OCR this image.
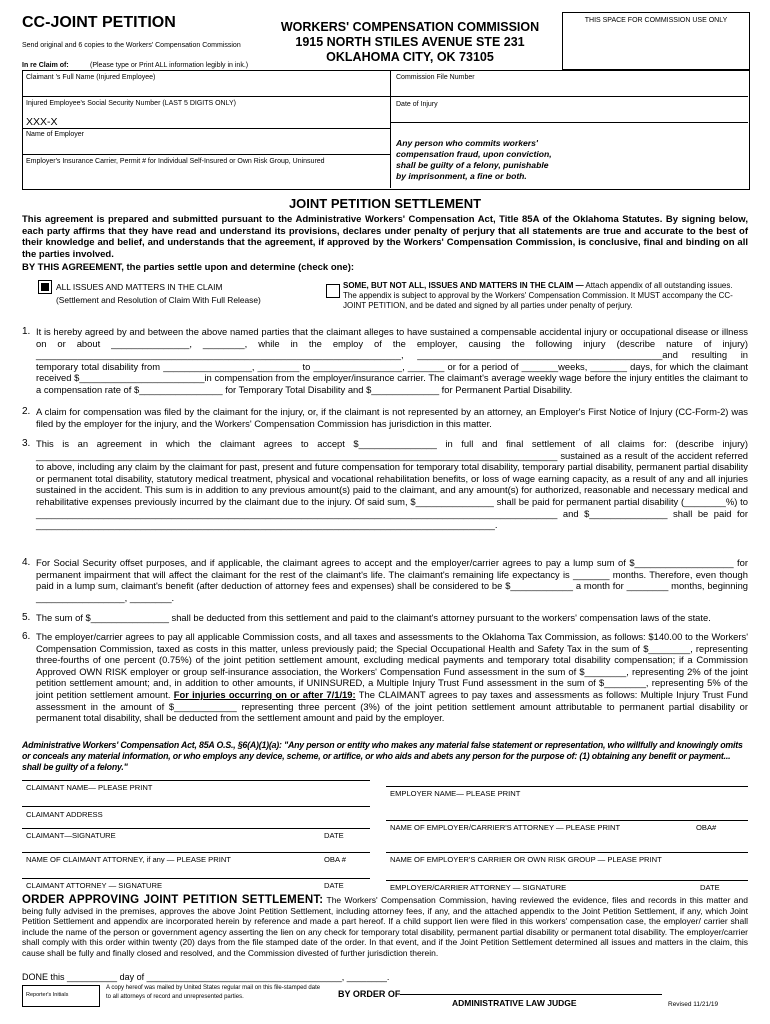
CC-JOINT PETITION
Send original and 6 copies to the Workers' Compensation Commission
In re Claim of:	(Please type or Print ALL information legibly in ink.)
WORKERS' COMPENSATION COMMISSION
1915 NORTH STILES AVENUE STE 231
OKLAHOMA CITY, OK 73105
THIS SPACE FOR COMMISSION USE ONLY
Claimant 's Full Name (Injured Employee)
Injured Employee's Social Security Number (LAST 5 DIGITS ONLY)
XXX-X
Name of Employer
Employer's Insurance Carrier, Permit # for Individual Self-Insured or Own Risk Group, Uninsured
Commission File Number
Date of Injury
Any person who commits workers' compensation fraud, upon conviction, shall be guilty of a felony, punishable by imprisonment, a fine or both.
JOINT PETITION SETTLEMENT
This agreement is prepared and submitted pursuant to the Administrative Workers' Compensation Act, Title 85A of the Oklahoma Statutes. By signing below, each party affirms that they have read and understand its provisions, declares under penalty of perjury that all statements are true and accurate to the best of their knowledge and belief, and understands that the agreement, if approved by the Workers' Compensation Commission, is conclusive, final and binding on all the parties involved.
BY THIS AGREEMENT, the parties settle upon and determine (check one):
ALL ISSUES AND MATTERS IN THE CLAIM
(Settlement and Resolution of Claim With Full Release)
SOME, BUT NOT ALL, ISSUES AND MATTERS IN THE CLAIM — Attach appendix of all outstanding issues. The appendix is subject to approval by the Workers' Compensation Commission. It MUST accompany the CC-JOINT PETITION, and be dated and signed by all parties under penalty of perjury.
1. It is hereby agreed by and between the above named parties that the claimant alleges to have sustained a compensable accidental injury or occupational disease or illness on or about _______________, ________, while in the employ of the employer, causing the following injury (describe nature of injury) ______________________________________________________________________, _______________________________________________and resulting in temporary total disability from _________________, ________ to _________________, _______ or for a period of _______weeks, _______ days, for which the claimant received $________________________in compensation from the employer/insurance carrier. The claimant's average weekly wage before the injury entitles the claimant to a compensation rate of $________________ for Temporary Total Disability and $_____________ for Permanent Partial Disability.
2. A claim for compensation was filed by the claimant for the injury, or, if the claimant is not represented by an attorney, an Employer's First Notice of Injury (CC-Form-2) was filed by the employer for the injury, and the Workers' Compensation Commission has jurisdiction in this matter.
3. This is an agreement in which the claimant agrees to accept $_______________ in full and final settlement of all claims for: (describe injury) ____________________________________________________________________________________________________ sustained as a result of the accident referred to above, including any claim by the claimant for past, present and future compensation for temporary total disability, temporary partial disability, permanent partial disability or permanent total disability, statutory medical treatment, physical and vocational rehabilitation benefits, or loss of wage earning capacity, as a result of any and all injuries sustained in the accident. This sum is in addition to any previous amount(s) paid to the claimant, and any amount(s) for authorized, reasonable and necessary medical and rehabilitative expenses previously incurred by the claimant due to the injury. Of said sum, $_______________ shall be paid for permanent partial disability (________%) to ____________________________________________________________________________________________________ and $_______________ shall be paid for ________________________________________________________________________________________.
4. For Social Security offset purposes, and if applicable, the claimant agrees to accept and the employer/carrier agrees to pay a lump sum of $___________________ for permanent impairment that will affect the claimant for the rest of the claimant's life. The claimant's remaining life expectancy is _______ months. Therefore, even though paid in a lump sum, claimant's benefit (after deduction of attorney fees and expenses) shall be considered to be $____________ a month for ________ months, beginning _________________, ________.
5. The sum of $_______________ shall be deducted from this settlement and paid to the claimant's attorney pursuant to the workers' compensation laws of the state.
6. The employer/carrier agrees to pay all applicable Commission costs, and all taxes and assessments to the Oklahoma Tax Commission, as follows: $140.00 to the Workers' Compensation Commission, taxed as costs in this matter, unless previously paid; the Special Occupational Health and Safety Tax in the sum of $________, representing three-fourths of one percent (0.75%) of the joint petition settlement amount, excluding medical payments and temporary total disability compensation; if a Commission Approved OWN RISK employer or group self-insurance association, the Workers' Compensation Fund assessment in the sum of $________, representing 2% of the joint petition settlement amount; and, in addition to other amounts, if UNINSURED, a Multiple Injury Trust Fund assessment in the sum of $________, representing 5% of the joint petition settlement amount. For injuries occurring on or after 7/1/19: The CLAIMANT agrees to pay taxes and assessments as follows: Multiple Injury Trust Fund assessment in the amount of $____________ representing three percent (3%) of the joint petition settlement amount attributable to permanent partial disability or permanent total disability, shall be deducted from the settlement amount and paid by the employer.
Administrative Workers' Compensation Act, 85A O.S., §6(A)(1)(a): "Any person or entity who makes any material false statement or representation, who willfully and knowingly omits or conceals any material information, or who employs any device, scheme, or artifice, or who aids and abets any person for the purpose of: (1) obtaining any benefit or payment... shall be guilty of a felony."
CLAIMANT NAME— PLEASE PRINT
EMPLOYER NAME— PLEASE PRINT
CLAIMANT ADDRESS
NAME OF EMPLOYER/CARRIER'S ATTORNEY — PLEASE PRINT	OBA#
CLAIMANT—SIGNATURE	DATE
NAME OF CLAIMANT ATTORNEY, if any — PLEASE PRINT	OBA #	NAME OF EMPLOYER'S CARRIER OR OWN RISK GROUP — PLEASE PRINT
CLAIMANT ATTORNEY — SIGNATURE	DATE	EMPLOYER/CARRIER ATTORNEY — SIGNATURE	DATE
ORDER APPROVING JOINT PETITION SETTLEMENT: The Workers' Compensation Commission, having reviewed the evidence, files and records in this matter and being fully advised in the premises, approves the above Joint Petition Settlement, including attorney fees, if any, and the attached appendix to the Joint Petition Settlement, if any, which Joint Petition Settlement and appendix are incorporated herein by reference and made a part hereof. If a child support lien were filed in this workers' compensation case, the employer/ carrier shall include the name of the person or government agency asserting the lien on any check for temporary total disability, permanent partial disability or permanent total disability. The employer/carrier shall comply with this order within twenty (20) days from the file stamped date of the order. In that event, and if the Joint Petition Settlement determined all issues and matters in the claim, this cause shall be fully and finally closed and resolved, and the Commission divested of further jurisdiction therein.
DONE this __________ day of _______________________________________, ________.
Reporter's Initials
A copy hereof was mailed by United States regular mail on this file-stamped date to all attorneys of record and unrepresented parties.	BY ORDER OF
ADMINISTRATIVE LAW JUDGE	Revised 11/21/19
